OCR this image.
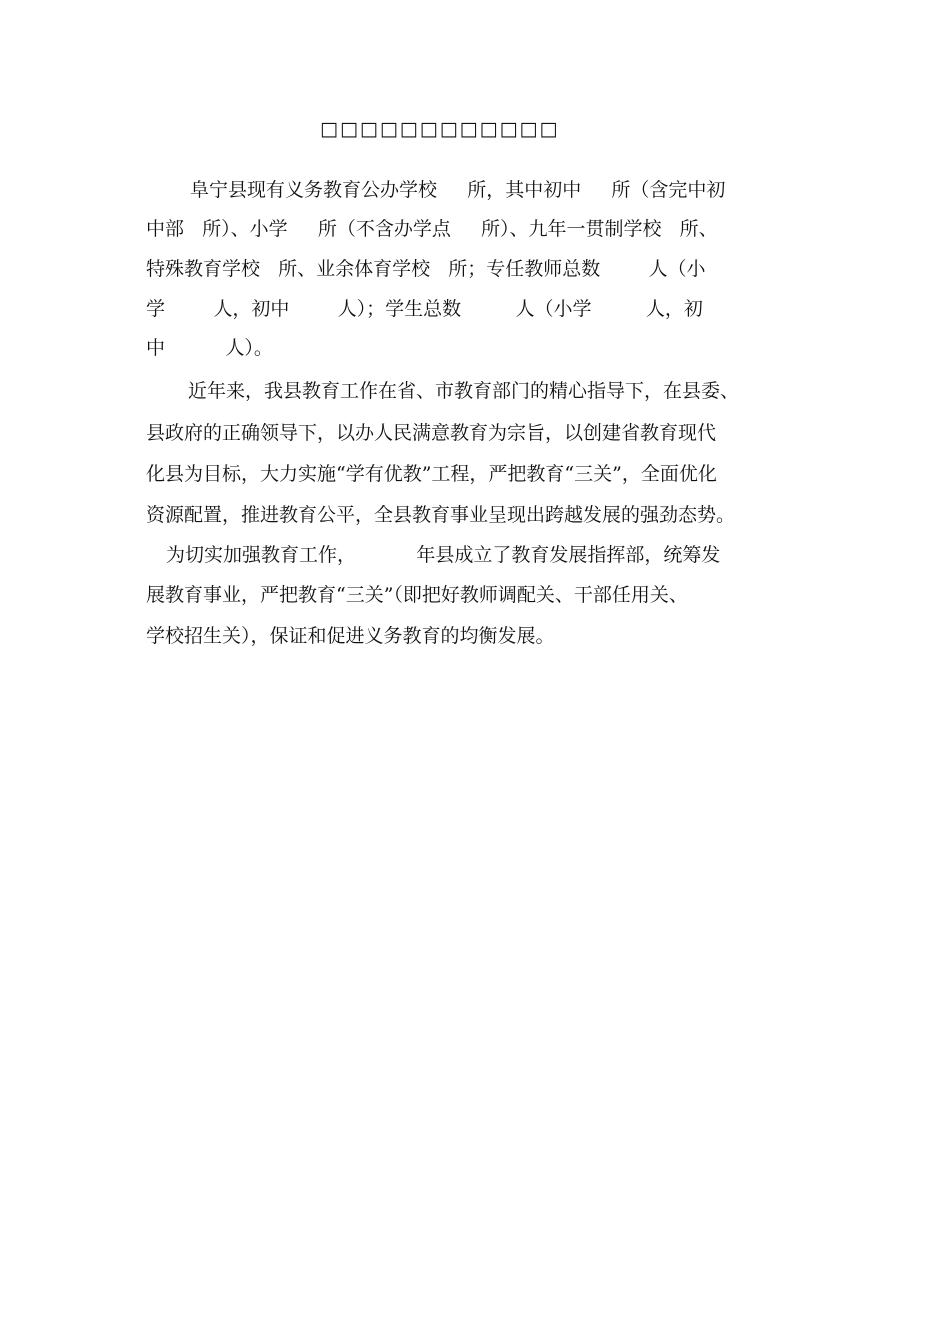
□□□□□□□□□□□□
阜宁县现有义务教育公办学校     所，其中初中     所（含完中初
中部   所）、小学     所（不含办学点     所）、九年一贯制学校   所、
特殊教育学校   所、业余体育学校   所；专任教师总数        人（小
学        人，初中        人）；学生总数         人（小学         人，初
中          人）。
近年来，我县教育工作在省、市教育部门的精心指导下，在县委、
县政府的正确领导下，以办人民满意教育为宗旨，以创建省教育现代
化县为目标，大力实施“学有优教”工程，严把教育“三关”，全面优化
资源配置，推进教育公平，全县教育事业呈现出跨越发展的强劲态势。
为切实加强教育工作，          年县成立了教育发展指挥部，统筹发
展教育事业，严把教育“三关”（即把好教师调配关、干部任用关、
学校招生关），保证和促进义务教育的均衡发展。
